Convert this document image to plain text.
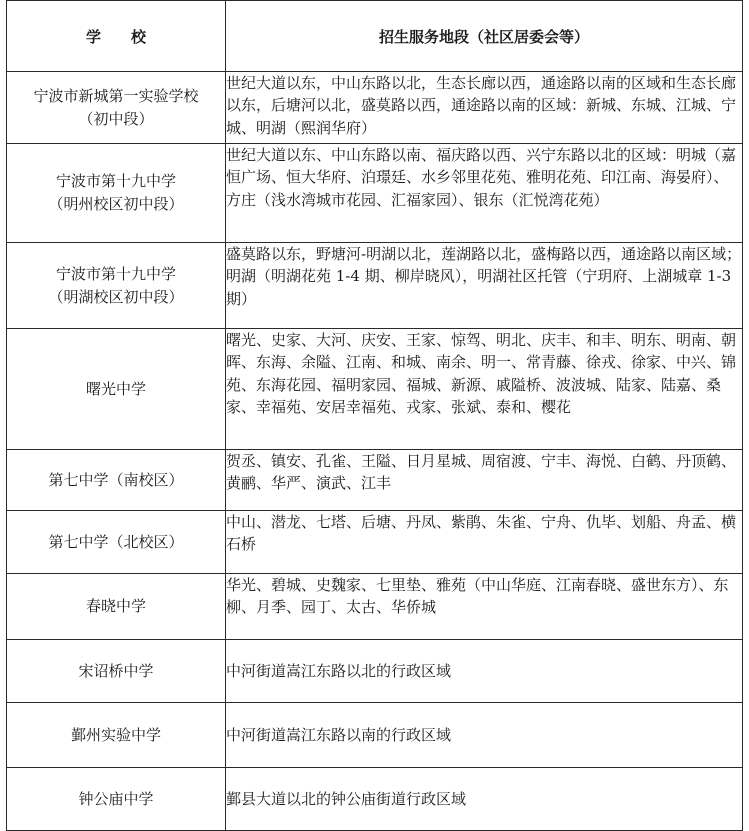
学　　校	招生服务地段（社区居委会等）

宁波市新城第一实验学校
（初中段）	世纪大道以东，中山东路以北，生态长廊以西，通途路以南的区域和生态长廊以东，后塘河以北，盛莫路以西，通途路以南的区域：新城、东城、江城、宁城、明湖（熙润华府）

宁波市第十九中学
（明州校区初中段）	世纪大道以东、中山东路以南、福庆路以西、兴宁东路以北的区域：明城（嘉恒广场、恒大华府、泊璟廷、水乡邻里花苑、雅明花苑、印江南、海晏府）、方庄（浅水湾城市花园、汇福家园）、银东（汇悦湾花苑）

宁波市第十九中学
（明湖校区初中段）	盛莫路以东，野塘河-明湖以北，莲湖路以北，盛梅路以西，通途路以南区域；明湖（明湖花苑 1-4 期、柳岸晓风），明湖社区托管（宁玥府、上湖城章 1-3 期）

曙光中学	曙光、史家、大河、庆安、王家、惊驾、明北、庆丰、和丰、明东、明南、朝晖、东海、余隘、江南、和城、南余、明一、常青藤、徐戎、徐家、中兴、锦苑、东海花园、福明家园、福城、新源、戚隘桥、波波城、陆家、陆嘉、桑家、幸福苑、安居幸福苑、戎家、张斌、泰和、樱花

第七中学（南校区）	贺丞、镇安、孔雀、王隘、日月星城、周宿渡、宁丰、海悦、白鹤、丹顶鹤、黄鹂、华严、演武、江丰

第七中学（北校区）	中山、潜龙、七塔、后塘、丹凤、紫鹃、朱雀、宁舟、仇毕、划船、舟孟、横石桥

春晓中学	华光、碧城、史魏家、七里垫、雅苑（中山华庭、江南春晓、盛世东方）、东柳、月季、园丁、太古、华侨城

宋诏桥中学	中河街道嵩江东路以北的行政区域

鄞州实验中学	中河街道嵩江东路以南的行政区域

钟公庙中学	鄞县大道以北的钟公庙街道行政区域
